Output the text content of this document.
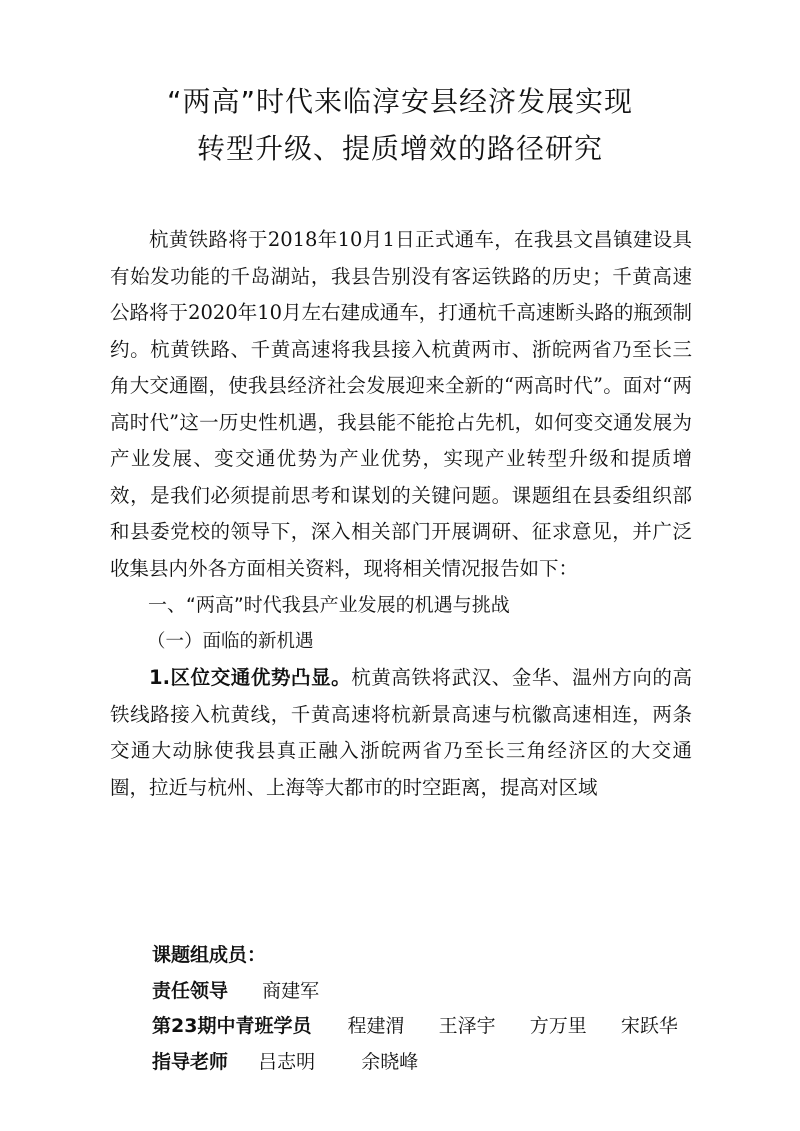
“两高”时代来临淳安县经济发展实现
转型升级、提质增效的路径研究

杭黄铁路将于2018年10月1日正式通车，在我县文昌镇建设具有始发功能的千岛湖站，我县告别没有客运铁路的历史；千黄高速公路将于2020年10月左右建成通车，打通杭千高速断头路的瓶颈制约。杭黄铁路、千黄高速将我县接入杭黄两市、浙皖两省乃至长三角大交通圈，使我县经济社会发展迎来全新的“两高时代”。面对“两高时代”这一历史性机遇，我县能不能抢占先机，如何变交通发展为产业发展、变交通优势为产业优势，实现产业转型升级和提质增效，是我们必须提前思考和谋划的关键问题。课题组在县委组织部和县委党校的领导下，深入相关部门开展调研、征求意见，并广泛收集县内外各方面相关资料，现将相关情况报告如下：

一、“两高”时代我县产业发展的机遇与挑战
（一）面临的新机遇

1.区位交通优势凸显。杭黄高铁将武汉、金华、温州方向的高铁线路接入杭黄线，千黄高速将杭新景高速与杭徽高速相连，两条交通大动脉使我县真正融入浙皖两省乃至长三角经济区的大交通圈，拉近与杭州、上海等大都市的时空距离，提高对区域

课题组成员：
责任领导 商建军
第23期中青班学员 程建渭 王泽宇 方万里 宋跃华
指导老师 吕志明 余晓峰
